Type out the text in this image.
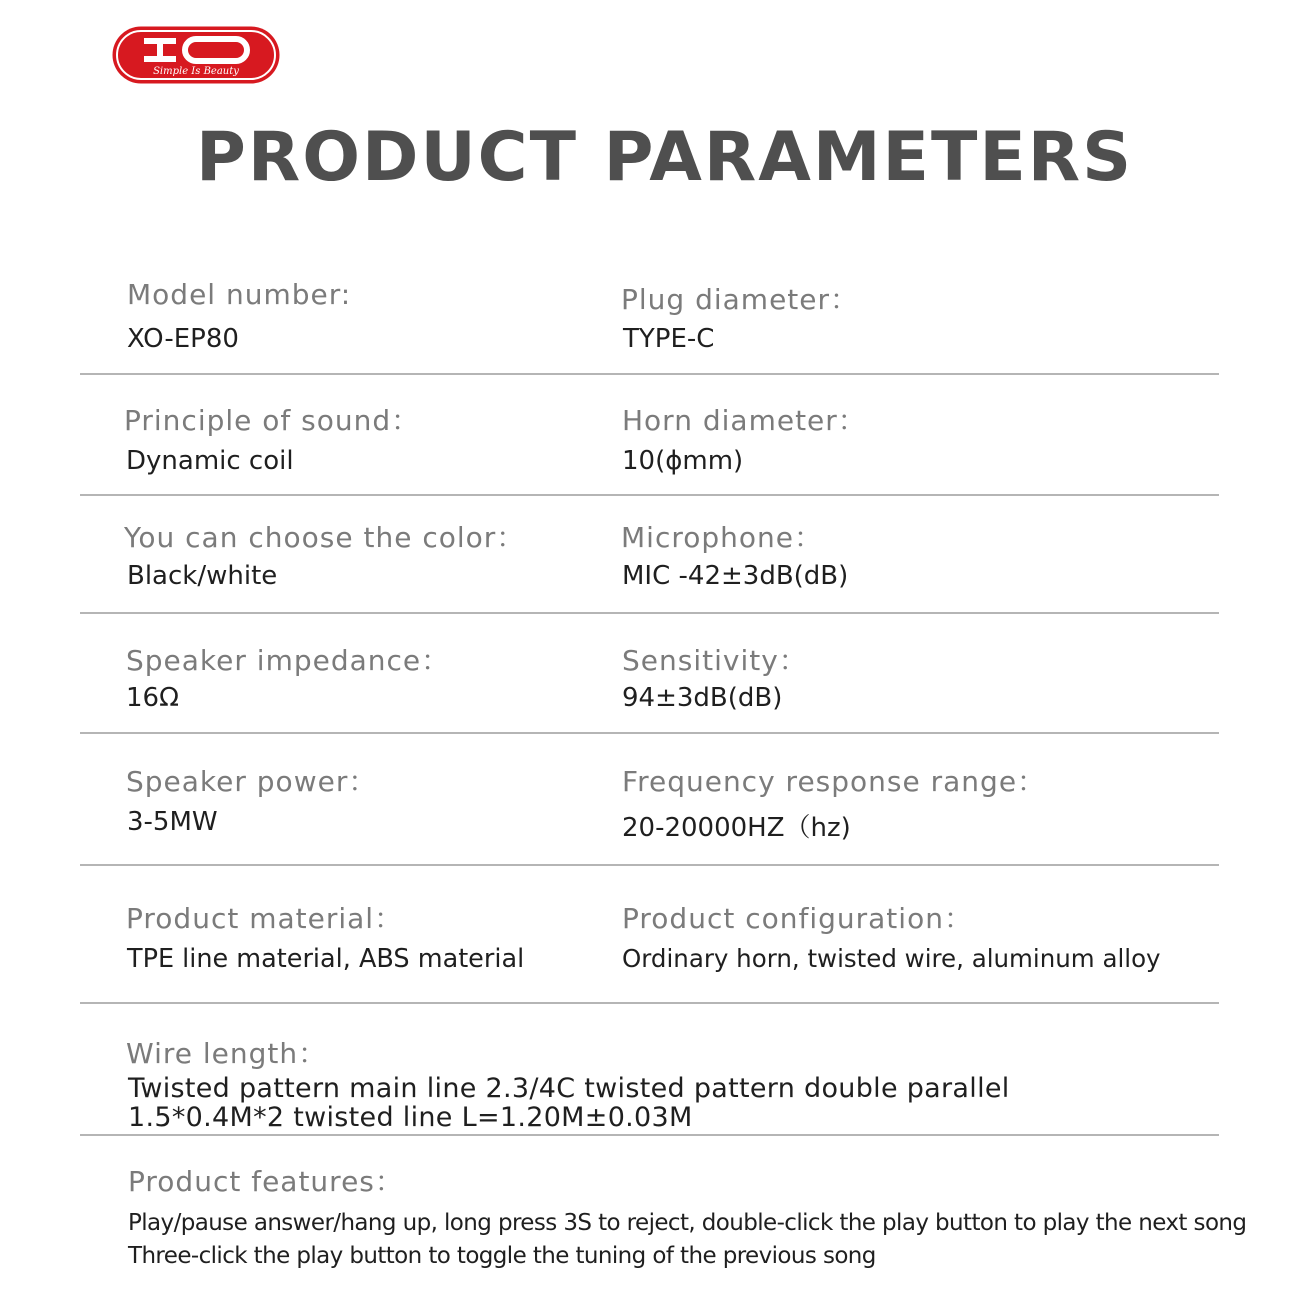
Simple Is Beauty
PRODUCT PARAMETERS
Model number:
XO-EP80
Plug diameter：
TYPE-C
Principle of sound：
Dynamic coil
Horn diameter：
10(ϕmm)
You can choose the color：
Black/white
Microphone：
MIC -42±3dB(dB)
Speaker impedance：
16Ω
Sensitivity：
94±3dB(dB)
Speaker power：
3-5MW
Frequency response range：
20-20000HZ（hz)
Product material：
TPE line material, ABS material
Product configuration：
Ordinary horn, twisted wire, aluminum alloy
Wire length：
Twisted pattern main line 2.3/4C twisted pattern double parallel
1.5*0.4M*2 twisted line L=1.20M±0.03M
Product features：
Play/pause answer/hang up, long press 3S to reject, double-click the play button to play the next song
Three-click the play button to toggle the tuning of the previous song
